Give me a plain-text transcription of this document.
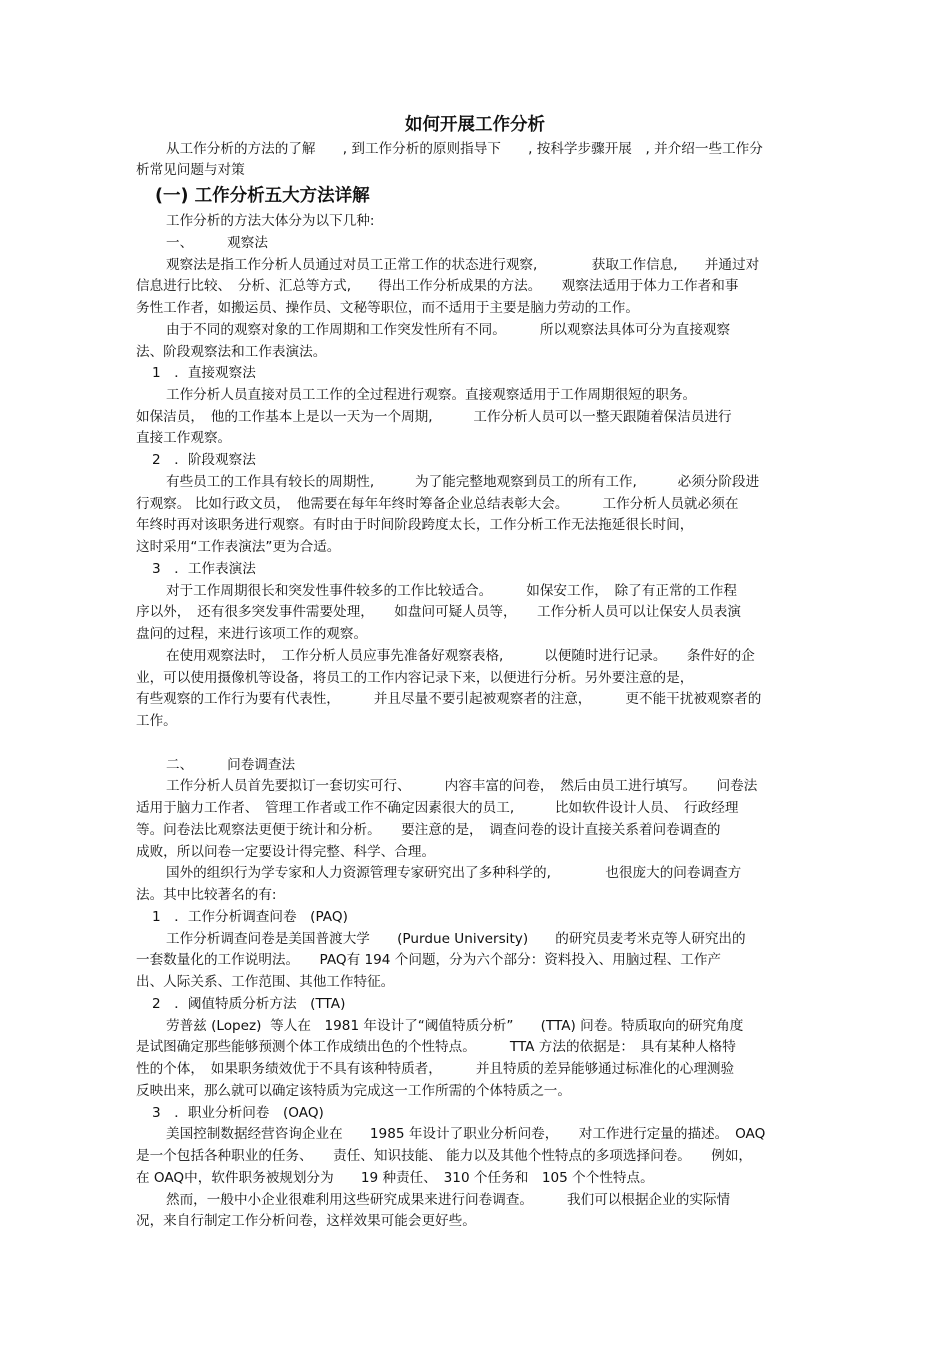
如何开展工作分析

从工作分析的方法的了解　　, 到工作分析的原则指导下　　, 按科学步骤开展　, 并介绍一些工作分

析常见问题与对策

(一) 工作分析五大方法详解

工作分析的方法大体分为以下几种:

一、　　　观察法

观察法是指工作分析人员通过对员工正常工作的状态进行观察,　　　　获取工作信息,　　并通过对

信息进行比较、　分析、汇总等方式,　　得出工作分析成果的方法。　　观察法适用于体力工作者和事

务性工作者，如搬运员、操作员、文秘等职位，而不适用于主要是脑力劳动的工作。

由于不同的观察对象的工作周期和工作突发性所有不同。　　　所以观察法具体可分为直接观察

法、阶段观察法和工作表演法。

1　．直接观察法

工作分析人员直接对员工工作的全过程进行观察。直接观察适用于工作周期很短的职务。

如保洁员，　他的工作基本上是以一天为一个周期,　　　工作分析人员可以一整天跟随着保洁员进行

直接工作观察。

2　．阶段观察法

有些员工的工作具有较长的周期性,　　　为了能完整地观察到员工的所有工作,　　　必须分阶段进

行观察。 比如行政文员，　他需要在每年年终时筹备企业总结表彰大会。　　　工作分析人员就必须在

年终时再对该职务进行观察。有时由于时间阶段跨度太长，工作分析工作无法拖延很长时间，

这时采用“工作表演法”更为合适。

3　．工作表演法

对于工作周期很长和突发性事件较多的工作比较适合。　　　如保安工作，　除了有正常的工作程

序以外，　还有很多突发事件需要处理，　　如盘问可疑人员等，　　工作分析人员可以让保安人员表演

盘问的过程，来进行该项工作的观察。

在使用观察法时，　工作分析人员应事先准备好观察表格,　　　以便随时进行记录。　　条件好的企

业，可以使用摄像机等设备，将员工的工作内容记录下来，以便进行分析。另外要注意的是，

有些观察的工作行为要有代表性，　　　并且尽量不要引起被观察者的注意，　　　更不能干扰被观察者的

工作。

二、　　　问卷调查法

工作分析人员首先要拟订一套切实可行、　　　内容丰富的问卷，　然后由员工进行填写。　　问卷法

适用于脑力工作者、　管理工作者或工作不确定因素很大的员工,　　　比如软件设计人员、　行政经理

等。问卷法比观察法更便于统计和分析。　　要注意的是，　调查问卷的设计直接关系着问卷调查的

成败，所以问卷一定要设计得完整、科学、合理。

国外的组织行为学专家和人力资源管理专家研究出了多种科学的,　　　　也很庞大的问卷调查方

法。其中比较著名的有:

1　．工作分析调查问卷　(PAQ)

工作分析调查问卷是美国普渡大学　　(Purdue University)　　的研究员麦考米克等人研究出的

一套数量化的工作说明法。　　PAQ有 194 个问题，分为六个部分：资料投入、用脑过程、工作产

出、人际关系、工作范围、其他工作特征。

2　．阈值特质分析方法　(TTA)

劳普兹 (Lopez)  等人在　1981 年设计了“阈值特质分析”　　(TTA) 问卷。特质取向的研究角度

是试图确定那些能够预测个体工作成绩出色的个性特点。　　　TTA 方法的依据是：　具有某种人格特

性的个体，　如果职务绩效优于不具有该种特质者，　　　并且特质的差异能够通过标准化的心理测验

反映出来，那么就可以确定该特质为完成这一工作所需的个体特质之一。

3　．职业分析问卷　(OAQ)

美国控制数据经营咨询企业在　　1985 年设计了职业分析问卷，　　对工作进行定量的描述。　OAQ

是一个包括各种职业的任务、　　责任、知识技能、 能力以及其他个性特点的多项选择问卷。　　例如，

在 OAQ中，软件职务被规划分为　　19 种责任、　310 个任务和　105 个个性特点。

然而，一般中小企业很难利用这些研究成果来进行问卷调查。　　　我们可以根据企业的实际情

况，来自行制定工作分析问卷，这样效果可能会更好些。
